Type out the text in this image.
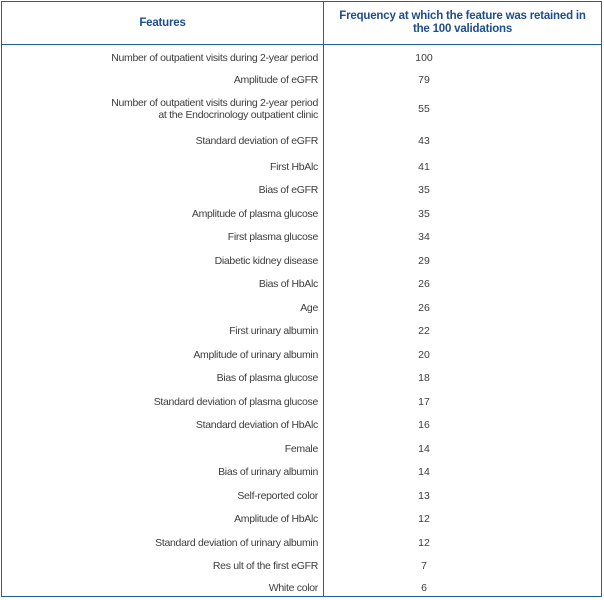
Features
Frequency at which the feature was retained in the 100 validations
Number of outpatient visits during 2-year period	100
Amplitude of eGFR	79
Number of outpatient visits during 2-year period at the Endocrinology outpatient clinic	55
Standard deviation of eGFR	43
First HbAlc	41
Bias of eGFR	35
Amplitude of plasma glucose	35
First plasma glucose	34
Diabetic kidney disease	29
Bias of HbAlc	26
Age	26
First urinary albumin	22
Amplitude of urinary albumin	20
Bias of plasma glucose	18
Standard deviation of plasma glucose	17
Standard deviation of HbAlc	16
Female	14
Bias of urinary albumin	14
Self-reported color	13
Amplitude of HbAlc	12
Standard deviation of urinary albumin	12
Res ult of the first eGFR	7
White color	6
